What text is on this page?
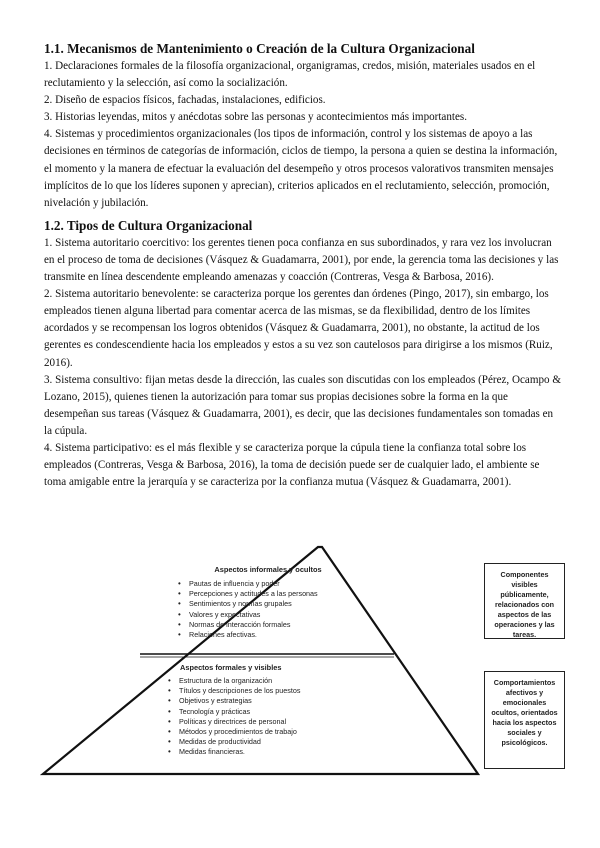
1.1. Mecanismos de Mantenimiento o Creación de la Cultura Organizacional

1. Declaraciones formales de la filosofía organizacional, organigramas, credos, misión, materiales usados en el reclutamiento y la selección, así como la socialización.

2. Diseño de espacios físicos, fachadas, instalaciones, edificios.

3. Historias leyendas, mitos y anécdotas sobre las personas y acontecimientos más importantes.

4. Sistemas y procedimientos organizacionales (los tipos de información, control y los sistemas de apoyo a las decisiones en términos de categorías de información, ciclos de tiempo, la persona a quien se destina la información, el momento y la manera de efectuar la evaluación del desempeño y otros procesos valorativos transmiten mensajes implícitos de lo que los líderes suponen y aprecian), criterios aplicados en el reclutamiento, selección, promoción, nivelación y jubilación.

1.2. Tipos de Cultura Organizacional

1. Sistema autoritario coercitivo: los gerentes tienen poca confianza en sus subordinados, y rara vez los involucran en el proceso de toma de decisiones (Vásquez & Guadamarra, 2001), por ende, la gerencia toma las decisiones y las transmite en línea descendente empleando amenazas y coacción (Contreras, Vesga & Barbosa, 2016).

2. Sistema autoritario benevolente: se caracteriza porque los gerentes dan órdenes (Pingo, 2017), sin embargo, los empleados tienen alguna libertad para comentar acerca de las mismas, se da flexibilidad, dentro de los límites acordados y se recompensan los logros obtenidos (Vásquez & Guadamarra, 2001), no obstante, la actitud de los gerentes es condescendiente hacia los empleados y estos a su vez son cautelosos para dirigirse a los mismos (Ruiz, 2016).

3. Sistema consultivo: fijan metas desde la dirección, las cuales son discutidas con los empleados (Pérez, Ocampo & Lozano, 2015), quienes tienen la autorización para tomar sus propias decisiones sobre la forma en la que desempeñan sus tareas (Vásquez & Guadamarra, 2001), es decir, que las decisiones fundamentales son tomadas en la cúpula.

4. Sistema participativo: es el más flexible y se caracteriza porque la cúpula tiene la confianza total sobre los empleados (Contreras, Vesga & Barbosa, 2016), la toma de decisión puede ser de cualquier lado, el ambiente se toma amigable entre la jerarquía y se caracteriza por la confianza mutua (Vásquez & Guadamarra, 2001).

Aspectos informales y ocultos
• Pautas de influencia y poder
• Percepciones y actitudes a las personas
• Sentimientos y normas grupales
• Valores y expectativas
• Normas de interacción formales
• Relaciones afectivas.
Aspectos formales y visibles
• Estructura de la organización
• Títulos y descripciones de los puestos
• Objetivos y estrategias
• Tecnología y prácticas
• Políticas y directrices de personal
• Métodos y procedimientos de trabajo
• Medidas de productividad
• Medidas financieras.
Componentes visibles públicamente, relacionados con aspectos de las operaciones y las tareas.
Comportamientos afectivos y emocionales ocultos, orientados hacia los aspectos sociales y psicológicos.
